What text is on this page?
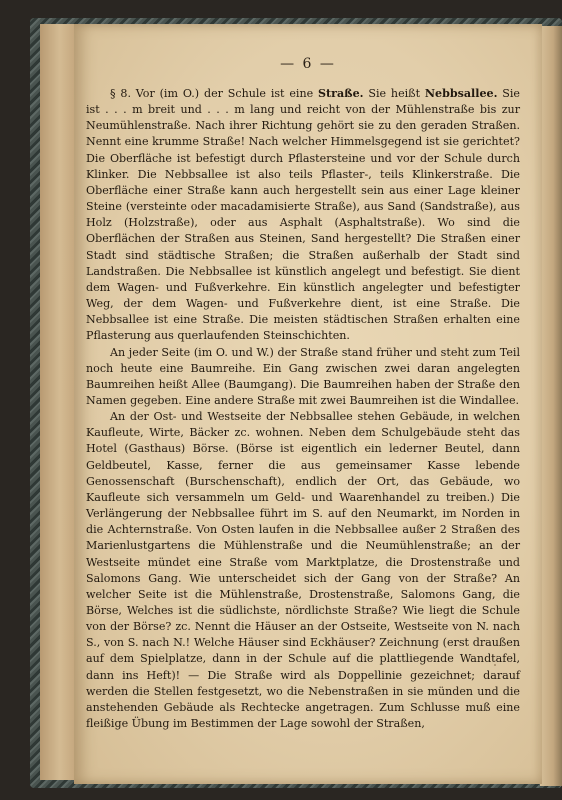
— 6 —

§ 8. Vor (im O.) der Schule ist eine Straße. Sie heißt Nebbsallee. Sie ist . . . m breit und . . . m lang und reicht von der Mühlenstraße bis zur Neumühlenstraße. Nach ihrer Richtung gehört sie zu den geraden Straßen. Nennt eine krumme Straße! Nach welcher Himmelsgegend ist sie gerichtet? Die Oberfläche ist befestigt durch Pflastersteine und vor der Schule durch Klinker. Die Nebbsallee ist also teils Pflaster-, teils Klinkerstraße. Die Oberfläche einer Straße kann auch hergestellt sein aus einer Lage kleiner Steine (versteinte oder macadamisierte Straße), aus Sand (Sandstraße), aus Holz (Holzstraße), oder aus Asphalt (Asphaltstraße). Wo sind die Oberflächen der Straßen aus Steinen, Sand hergestellt? Die Straßen einer Stadt sind städtische Straßen; die Straßen außerhalb der Stadt sind Landstraßen. Die Nebbsallee ist künstlich angelegt und befestigt. Sie dient dem Wagen- und Fußverkehre. Ein künstlich angelegter und befestigter Weg, der dem Wagen- und Fußverkehre dient, ist eine Straße. Die Nebbsallee ist eine Straße. Die meisten städtischen Straßen erhalten eine Pflasterung aus querlaufenden Steinschichten.

An jeder Seite (im O. und W.) der Straße stand früher und steht zum Teil noch heute eine Baumreihe. Ein Gang zwischen zwei daran angelegten Baumreihen heißt Allee (Baumgang). Die Baumreihen haben der Straße den Namen gegeben. Eine andere Straße mit zwei Baumreihen ist die Windallee.

An der Ost- und Westseite der Nebbsallee stehen Gebäude, in welchen Kaufleute, Wirte, Bäcker zc. wohnen. Neben dem Schulgebäude steht das Hotel (Gasthaus) Börse. (Börse ist eigentlich ein lederner Beutel, dann Geldbeutel, Kasse, ferner die aus gemeinsamer Kasse lebende Genossenschaft (Burschenschaft), endlich der Ort, das Gebäude, wo Kaufleute sich versammeln um Geld- und Waarenhandel zu treiben.) Die Verlängerung der Nebbsallee führt im S. auf den Neumarkt, im Norden in die Achternstraße. Von Osten laufen in die Nebbsallee außer 2 Straßen des Marienlustgartens die Mühlenstraße und die Neumühlenstraße; an der Westseite mündet eine Straße vom Marktplatze, die Drostenstraße und Salomons Gang. Wie unterscheidet sich der Gang von der Straße? An welcher Seite ist die Mühlenstraße, Drostenstraße, Salomons Gang, die Börse, Welches ist die südlichste, nördlichste Straße? Wie liegt die Schule von der Börse? zc. Nennt die Häuser an der Ostseite, Westseite von N. nach S., von S. nach N.! Welche Häuser sind Eckhäuser? Zeichnung (erst draußen auf dem Spielplatze, dann in der Schule auf die plattliegende Wandtafel, dann ins Heft)! — Die Straße wird als Doppellinie gezeichnet; darauf werden die Stellen festgesetzt, wo die Nebenstraßen in sie münden und die anstehenden Gebäude als Rechtecke angetragen. Zum Schlusse muß eine fleißige Übung im Bestimmen der Lage sowohl der Straßen,
